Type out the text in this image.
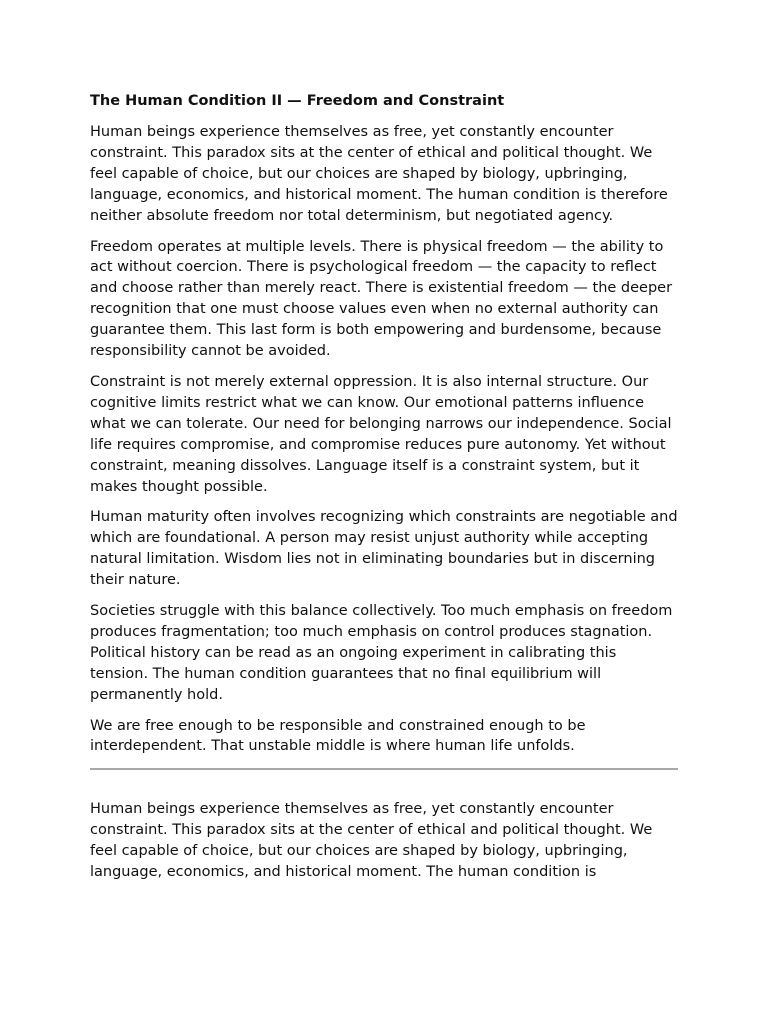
The Human Condition II — Freedom and Constraint

Human beings experience themselves as free, yet constantly encounter constraint. This paradox sits at the center of ethical and political thought. We feel capable of choice, but our choices are shaped by biology, upbringing, language, economics, and historical moment. The human condition is therefore neither absolute freedom nor total determinism, but negotiated agency.

Freedom operates at multiple levels. There is physical freedom — the ability to act without coercion. There is psychological freedom — the capacity to reflect and choose rather than merely react. There is existential freedom — the deeper recognition that one must choose values even when no external authority can guarantee them. This last form is both empowering and burdensome, because responsibility cannot be avoided.

Constraint is not merely external oppression. It is also internal structure. Our cognitive limits restrict what we can know. Our emotional patterns influence what we can tolerate. Our need for belonging narrows our independence. Social life requires compromise, and compromise reduces pure autonomy. Yet without constraint, meaning dissolves. Language itself is a constraint system, but it makes thought possible.

Human maturity often involves recognizing which constraints are negotiable and which are foundational. A person may resist unjust authority while accepting natural limitation. Wisdom lies not in eliminating boundaries but in discerning their nature.

Societies struggle with this balance collectively. Too much emphasis on freedom produces fragmentation; too much emphasis on control produces stagnation. Political history can be read as an ongoing experiment in calibrating this tension. The human condition guarantees that no final equilibrium will permanently hold.

We are free enough to be responsible and constrained enough to be interdependent. That unstable middle is where human life unfolds.

Human beings experience themselves as free, yet constantly encounter constraint. This paradox sits at the center of ethical and political thought. We feel capable of choice, but our choices are shaped by biology, upbringing, language, economics, and historical moment. The human condition is
